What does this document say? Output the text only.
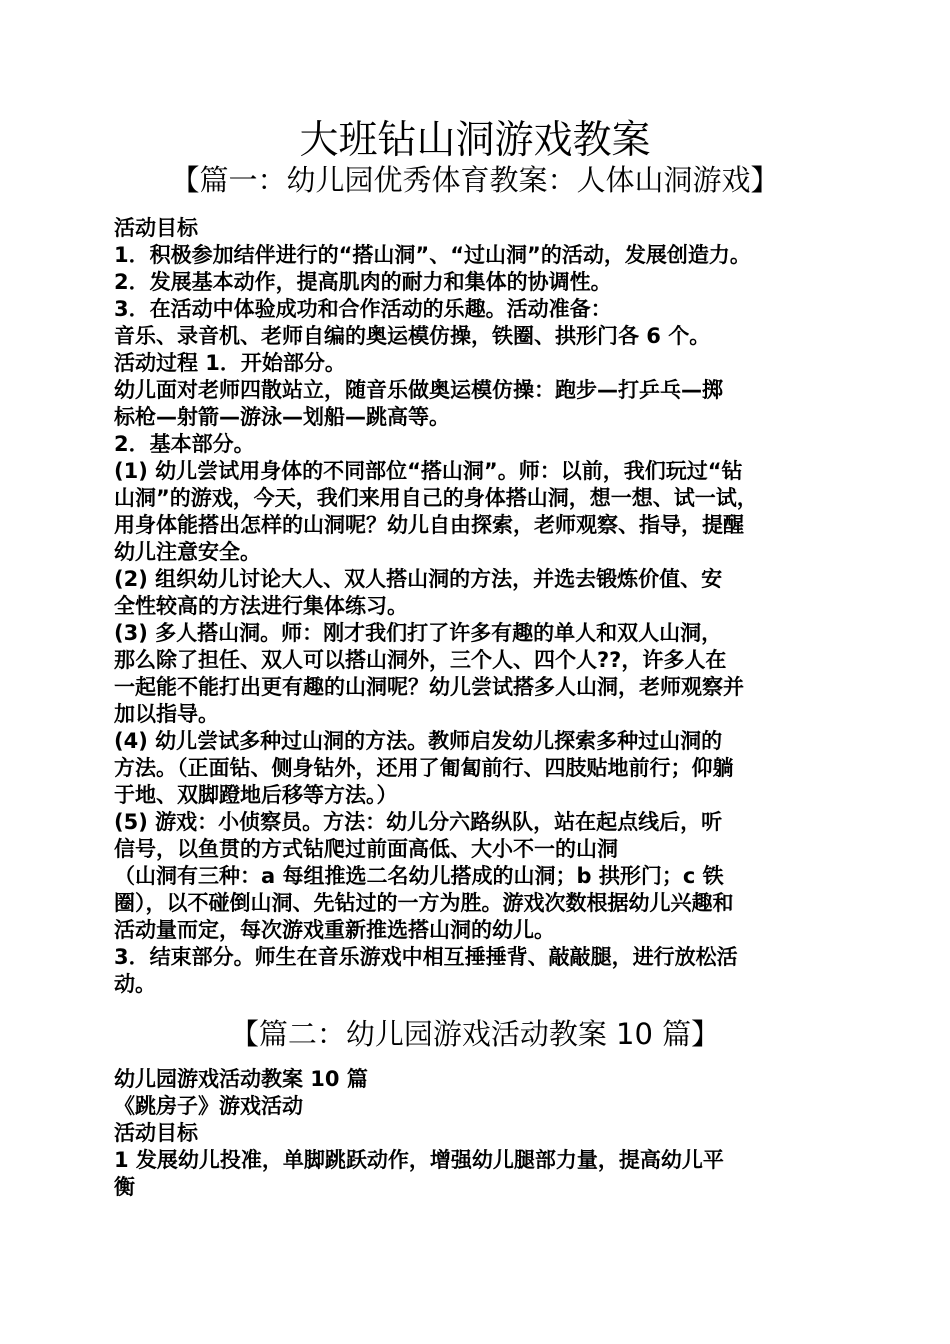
大班钻山洞游戏教案
【篇一：幼儿园优秀体育教案：人体山洞游戏】
活动目标
1．积极参加结伴进行的“搭山洞”、“过山洞”的活动，发展创造力。
2．发展基本动作，提高肌肉的耐力和集体的协调性。
3．在活动中体验成功和合作活动的乐趣。活动准备：
音乐、录音机、老师自编的奥运模仿操，铁圈、拱形门各 6 个。
活动过程 1．开始部分。
幼儿面对老师四散站立，随音乐做奥运模仿操：跑步—打乒乓—掷
标枪—射箭—游泳—划船—跳高等。
2．基本部分。
(1) 幼儿尝试用身体的不同部位“搭山洞”。师：以前，我们玩过“钻
山洞”的游戏，今天，我们来用自己的身体搭山洞，想一想、试一试，
用身体能搭出怎样的山洞呢？幼儿自由探索，老师观察、指导，提醒
幼儿注意安全。
(2) 组织幼儿讨论大人、双人搭山洞的方法，并选去锻炼价值、安
全性较高的方法进行集体练习。
(3) 多人搭山洞。师：刚才我们打了许多有趣的单人和双人山洞，
那么除了担任、双人可以搭山洞外，三个人、四个人??，许多人在
一起能不能打出更有趣的山洞呢？幼儿尝试搭多人山洞，老师观察并
加以指导。
(4) 幼儿尝试多种过山洞的方法。教师启发幼儿探索多种过山洞的
方法。（正面钻、侧身钻外，还用了匍匐前行、四肢贴地前行；仰躺
于地、双脚蹬地后移等方法。）
(5) 游戏：小侦察员。方法：幼儿分六路纵队，站在起点线后，听
信号，以鱼贯的方式钻爬过前面高低、大小不一的山洞
（山洞有三种：a 每组推选二名幼儿搭成的山洞；b 拱形门；c 铁
圈），以不碰倒山洞、先钻过的一方为胜。游戏次数根据幼儿兴趣和
活动量而定，每次游戏重新推选搭山洞的幼儿。
3．结束部分。师生在音乐游戏中相互捶捶背、敲敲腿，进行放松活
动。
【篇二：幼儿园游戏活动教案 10 篇】
幼儿园游戏活动教案 10 篇
《跳房子》游戏活动
活动目标
1 发展幼儿投准，单脚跳跃动作，增强幼儿腿部力量，提高幼儿平
衡
